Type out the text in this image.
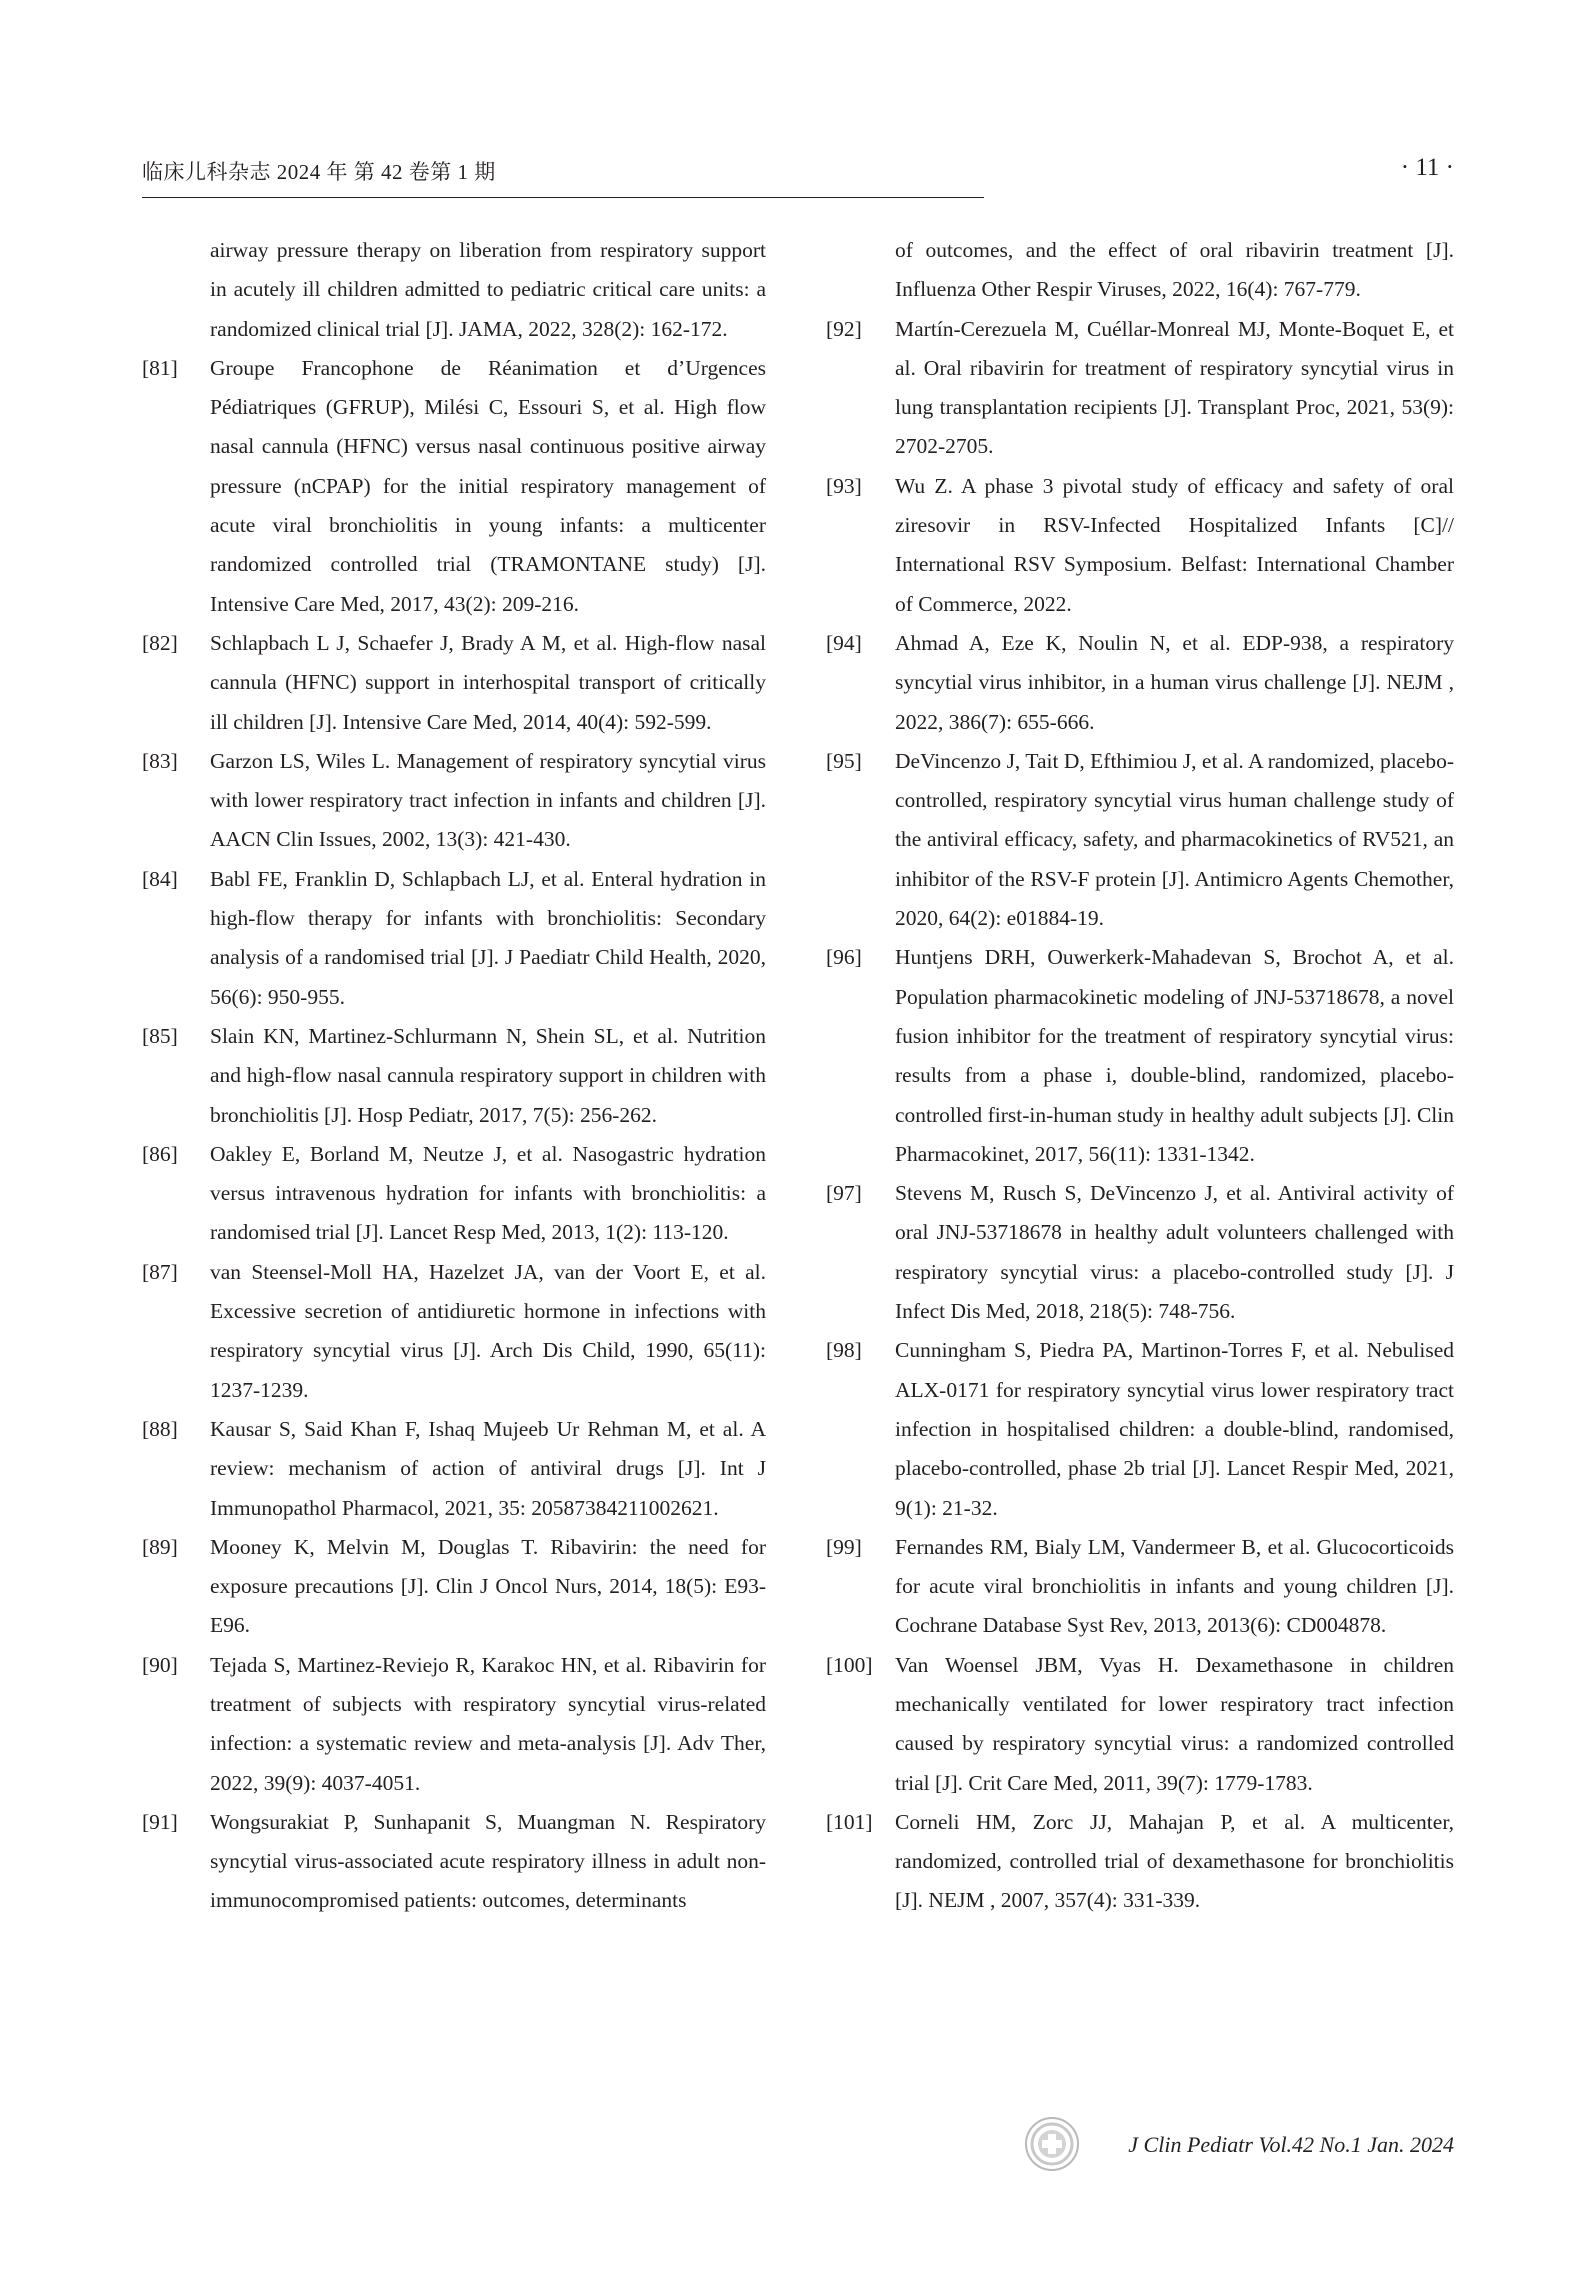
临床儿科杂志 2024 年 第 42 卷第 1 期	· 11 ·
airway pressure therapy on liberation from respiratory support in acutely ill children admitted to pediatric critical care units: a randomized clinical trial [J]. JAMA, 2022, 328(2): 162-172.
[81]	Groupe Francophone de Réanimation et d’Urgences Pédiatriques (GFRUP), Milési C, Essouri S, et al. High flow nasal cannula (HFNC) versus nasal continuous positive airway pressure (nCPAP) for the initial respiratory management of acute viral bronchiolitis in young infants: a multicenter randomized controlled trial (TRAMONTANE study) [J]. Intensive Care Med, 2017, 43(2): 209-216.
[82]	Schlapbach L J, Schaefer J, Brady A M, et al. High-flow nasal cannula (HFNC) support in interhospital transport of critically ill children [J]. Intensive Care Med, 2014, 40(4): 592-599.
[83]	Garzon LS, Wiles L. Management of respiratory syncytial virus with lower respiratory tract infection in infants and children [J]. AACN Clin Issues, 2002, 13(3): 421-430.
[84]	Babl FE, Franklin D, Schlapbach LJ, et al. Enteral hydration in high-flow therapy for infants with bronchiolitis: Secondary analysis of a randomised trial [J]. J Paediatr Child Health, 2020, 56(6): 950-955.
[85]	Slain KN, Martinez-Schlurmann N, Shein SL, et al. Nutrition and high-flow nasal cannula respiratory support in children with bronchiolitis [J]. Hosp Pediatr, 2017, 7(5): 256-262.
[86]	Oakley E, Borland M, Neutze J, et al. Nasogastric hydration versus intravenous hydration for infants with bronchiolitis: a randomised trial [J]. Lancet Resp Med, 2013, 1(2): 113-120.
[87]	van Steensel-Moll HA, Hazelzet JA, van der Voort E, et al. Excessive secretion of antidiuretic hormone in infections with respiratory syncytial virus [J]. Arch Dis Child, 1990, 65(11): 1237-1239.
[88]	Kausar S, Said Khan F, Ishaq Mujeeb Ur Rehman M, et al. A review: mechanism of action of antiviral drugs [J]. Int J Immunopathol Pharmacol, 2021, 35: 20587384211002621.
[89]	Mooney K, Melvin M, Douglas T. Ribavirin: the need for exposure precautions [J]. Clin J Oncol Nurs, 2014, 18(5): E93-E96.
[90]	Tejada S, Martinez-Reviejo R, Karakoc HN, et al. Ribavirin for treatment of subjects with respiratory syncytial virus-related infection: a systematic review and meta-analysis [J]. Adv Ther, 2022, 39(9): 4037-4051.
[91]	Wongsurakiat P, Sunhapanit S, Muangman N. Respiratory syncytial virus-associated acute respiratory illness in adult non-immunocompromised patients: outcomes, determinants
of outcomes, and the effect of oral ribavirin treatment [J]. Influenza Other Respir Viruses, 2022, 16(4): 767-779.
[92]	Martín-Cerezuela M, Cuéllar-Monreal MJ, Monte-Boquet E, et al. Oral ribavirin for treatment of respiratory syncytial virus in lung transplantation recipients [J]. Transplant Proc, 2021, 53(9): 2702-2705.
[93]	Wu Z. A phase 3 pivotal study of efficacy and safety of oral ziresovir in RSV-Infected Hospitalized Infants [C]// International RSV Symposium. Belfast: International Chamber of Commerce, 2022.
[94]	Ahmad A, Eze K, Noulin N, et al. EDP-938, a respiratory syncytial virus inhibitor, in a human virus challenge [J]. NEJM , 2022, 386(7): 655-666.
[95]	DeVincenzo J, Tait D, Efthimiou J, et al. A randomized, placebo-controlled, respiratory syncytial virus human challenge study of the antiviral efficacy, safety, and pharmacokinetics of RV521, an inhibitor of the RSV-F protein [J]. Antimicro Agents Chemother, 2020, 64(2): e01884-19.
[96]	Huntjens DRH, Ouwerkerk-Mahadevan S, Brochot A, et al. Population pharmacokinetic modeling of JNJ-53718678, a novel fusion inhibitor for the treatment of respiratory syncytial virus: results from a phase i, double-blind, randomized, placebo-controlled first-in-human study in healthy adult subjects [J]. Clin Pharmacokinet, 2017, 56(11): 1331-1342.
[97]	Stevens M, Rusch S, DeVincenzo J, et al. Antiviral activity of oral JNJ-53718678 in healthy adult volunteers challenged with respiratory syncytial virus: a placebo-controlled study [J]. J Infect Dis Med, 2018, 218(5): 748-756.
[98]	Cunningham S, Piedra PA, Martinon-Torres F, et al. Nebulised ALX-0171 for respiratory syncytial virus lower respiratory tract infection in hospitalised children: a double-blind, randomised, placebo-controlled, phase 2b trial [J]. Lancet Respir Med, 2021, 9(1): 21-32.
[99]	Fernandes RM, Bialy LM, Vandermeer B, et al. Glucocorticoids for acute viral bronchiolitis in infants and young children [J]. Cochrane Database Syst Rev, 2013, 2013(6): CD004878.
[100]	Van Woensel JBM, Vyas H. Dexamethasone in children mechanically ventilated for lower respiratory tract infection caused by respiratory syncytial virus: a randomized controlled trial [J]. Crit Care Med, 2011, 39(7): 1779-1783.
[101]	Corneli HM, Zorc JJ, Mahajan P, et al. A multicenter, randomized, controlled trial of dexamethasone for bronchiolitis [J]. NEJM , 2007, 357(4): 331-339.
J Clin Pediatr Vol.42 No.1 Jan. 2024
